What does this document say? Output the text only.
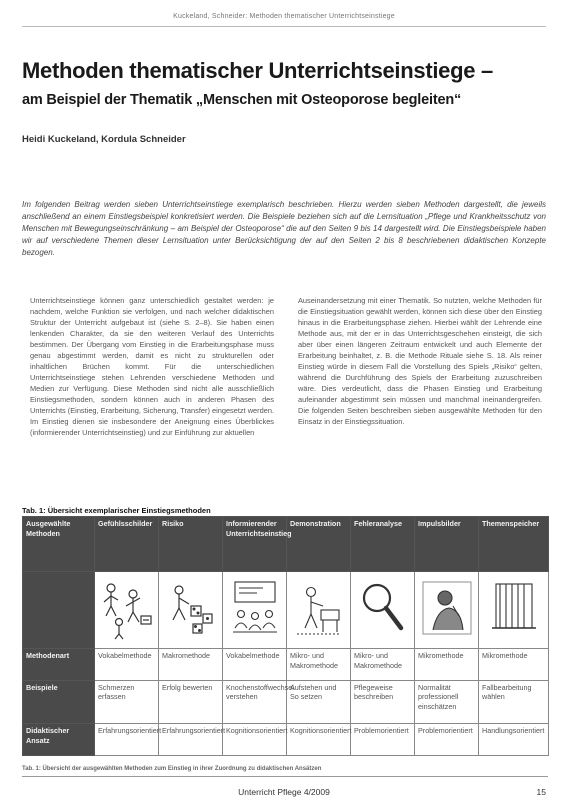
Kuckeland, Schneider: Methoden thematischer Unterrichtseinstiege
Methoden thematischer Unterrichtseinstiege –
am Beispiel der Thematik „Menschen mit Osteoporose begleiten“
Heidi Kuckeland, Kordula Schneider
Im folgenden Beitrag werden sieben Unterrichtseinstiege exemplarisch beschrieben. Hierzu werden sieben Methoden dargestellt, die jeweils anschließend an einem Einstiegsbeispiel konkretisiert werden. Die Beispiele beziehen sich auf die Lernsituation „Pflege und Krankheitsschutz von Menschen mit Bewegungseinschränkung – am Beispiel der Osteoporose“ die auf den Seiten 9 bis 14 dargestellt wird. Die Einstiegsbeispiele haben wir auf verschiedene Themen dieser Lernsituation unter Berücksichtigung der auf den Seiten 2 bis 8 beschriebenen didaktischen Konzepte bezogen.
Unterrichtseinstiege können ganz unterschiedlich gestaltet werden: je nachdem, welche Funktion sie verfolgen, und nach welcher didaktischen Struktur der Unterricht aufgebaut ist (siehe S. 2–8). Sie haben einen lenkenden Charakter, da sie den weiteren Verlauf des Unterrichts bestimmen. Der Übergang vom Einstieg in die Erarbeitungsphase muss genau abgestimmt werden, damit es nicht zu strukturellen oder inhaltlichen Brüchen kommt. Für die unterschiedlichen Unterrichtseinstiege stehen Lehrenden verschiedene Methoden und Medien zur Verfügung. Diese Methoden sind nicht alle ausschließlich Einstiegsmethoden, sondern können auch in anderen Phasen des Unterrichts (Einstieg, Erarbeitung, Sicherung, Transfer) eingesetzt werden. Im Einstieg dienen sie insbesondere der Aneignung eines Überblickes (informierender Unterrichtseinstieg) und zur Einführung zur aktuellen
Auseinandersetzung mit einer Thematik. So nutzten, welche Methoden für die Einstiegsituation gewählt werden, können sich diese über den Einstieg hinaus in die Erarbeitungsphase ziehen. Hierbei wählt der Lehrende eine Methode aus, mit der er in das Unterrichtsgeschehen einsteigt, die sich aber über einen längeren Zeitraum entwickelt und auch Elemente der Erarbeitung beinhaltet, z. B. die Methode Rituale siehe S. 18. Als reiner Einstieg würde in diesem Fall die Vorstellung des Spiels „Risiko“ gelten, während die Durchführung des Spiels der Erarbeitung zuzuschreiben wäre. Dies verdeutlicht, dass die Phasen Einstieg und Erarbeitung aufeinander abgestimmt sein müssen und manchmal ineinandergreifen. Die folgenden Seiten beschreiben sieben ausgewählte Methoden für den Einsatz in der Einstiegssituation.
Tab. 1: Übersicht exemplarischer Einstiegsmethoden
Ausgewählte Methoden	Gefühlsschilder	Risiko	Informierender Unterrichtseinstieg	Demonstration	Fehleranalyse	Impulsbilder	Themenspeicher

Methodenart	Vokabelmethode	Makromethode	Vokabelmethode	Mikro- und Makromethode	Mikro- und Makromethode	Mikromethode	Mikromethode
Beispiele	Schmerzen erfassen	Erfolg bewerten	Knochenstoffwechsel verstehen	Aufstehen und So setzen	Pflegeweise beschreiben	Normalität professionell einschätzen	Fallbearbeitung wählen
Didaktischer Ansatz	Erfahrungsorientiert	Erfahrungsorientiert	Kognitionsorientiert	Kognitionsorientiert	Problemorientiert	Problemorientiert	Handlungsorientiert
Tab. 1: Übersicht der ausgewählten Methoden zum Einstieg in ihrer Zuordnung zu didaktischen Ansätzen
Unterricht Pflege 4/2009	15
